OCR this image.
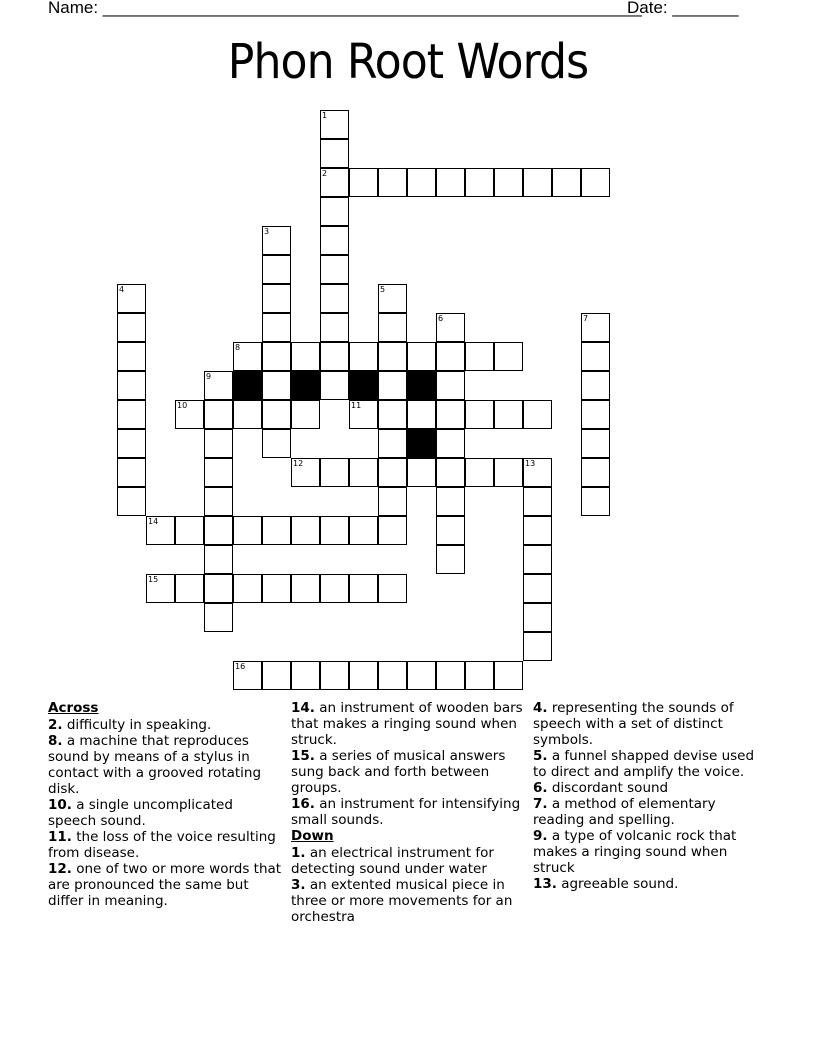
Name: _________________________________________________________
Date: _______
Phon Root Words
1
2
3
4	5
6	7
8
9
10	11
12	13
14
15
16
Across
2. difficulty in speaking.
8. a machine that reproduces sound by means of a stylus in contact with a grooved rotating disk.
10. a single uncomplicated speech sound.
11. the loss of the voice resulting from disease.
12. one of two or more words that are pronounced the same but differ in meaning.
14. an instrument of wooden bars that makes a ringing sound when struck.
15. a series of musical answers sung back and forth between groups.
16. an instrument for intensifying small sounds.
Down
1. an electrical instrument for detecting sound under water
3. an extented musical piece in three or more movements for an orchestra
4. representing the sounds of speech with a set of distinct symbols.
5. a funnel shapped devise used to direct and amplify the voice.
6. discordant sound
7. a method of elementary reading and spelling.
9. a type of volcanic rock that makes a ringing sound when struck
13. agreeable sound.
